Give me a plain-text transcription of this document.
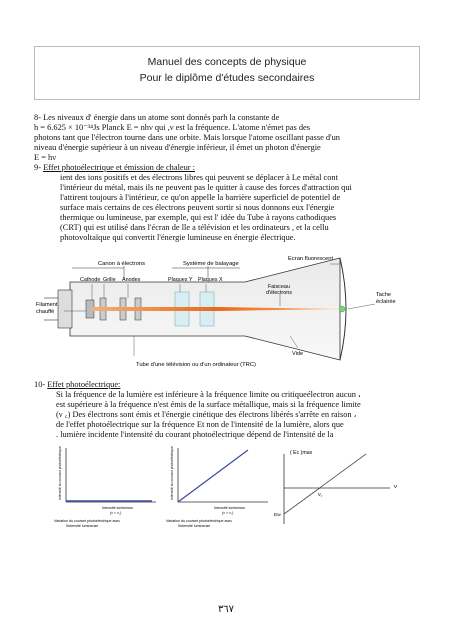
Manuel des concepts de physique
Pour le diplôme d'études secondaires
8- Les niveaux d' énergie dans un atome sont donnés parh la constante de
h = 6.625 × 10⁻³⁴Js Planck E = nhν qui ,ν est la fréquence. L'atome n'émet pas des
photons tant que l'électron tourne dans une orbite. Mais lorsque l'atome oscillant passe d'un
niveau d'énergie supérieur à un niveau d'énergie inférieur, il émet un photon d'énergie
E = hν
9- Effet photoélectrique et émission de chaleur :
ient des ions positifs et des électrons libres qui peuvent se déplacer à Le métal cont
l'intérieur du métal, mais ils ne peuvent pas le quitter à cause des forces d'attraction qui
l'attirent toujours à l'intérieur, ce qu'on appelle la barrière superficiel de potentiel de
surface mais certains de ces électrons peuvent sortir si nous donnons eux l'énergie
thermique ou lumineuse, par exemple, qui est l' idée du Tube à rayons cathodiques
(CRT) qui est utilisé dans l'écran de lle a télévision et les ordinateurs , et la cellu
photovoltaïque qui convertit l'énergie lumineuse en énergie électrique.
Canon à électrons	Système de balayage
Ecran fluorescent
Cathode Grille Anodes	Plaques Y Plaques X
Filament
chauffé
Faisceau
d'électrons	Tache
éclairée
Vide
Tube d'une télévision ou d'un ordinateur (TRC)
10- Effet photoélectrique:
Si la fréquence de la lumière est inférieure à la fréquence limite ou critiqueélectron aucun ،
est supérieure à la fréquence n'est émis de la surface métallique, mais si la fréquence limite
(ν ꜀) Des électrons sont émis et l'énergie cinétique des électrons libérés s'arrête en raison ،
de l'effet photoélectrique sur la fréquence Et non de l'intensité de la lumière, alors que
. lumière incidente l'intensité du courant photoélectrique dépend de l'intensité de la
Intensité du courant photoélectrique
Intensité lumineuse
(ν < ν꜀)
Variation du courant photoélectrique avec
l'intensité lumineuse
Intensité du courant photoélectrique
Intensité lumineuse
(ν > ν꜀)
Variation du courant photoélectrique avec
l'intensité lumineuse
( Ec )max
ν꜀
ν
Ew
٣٦٧
